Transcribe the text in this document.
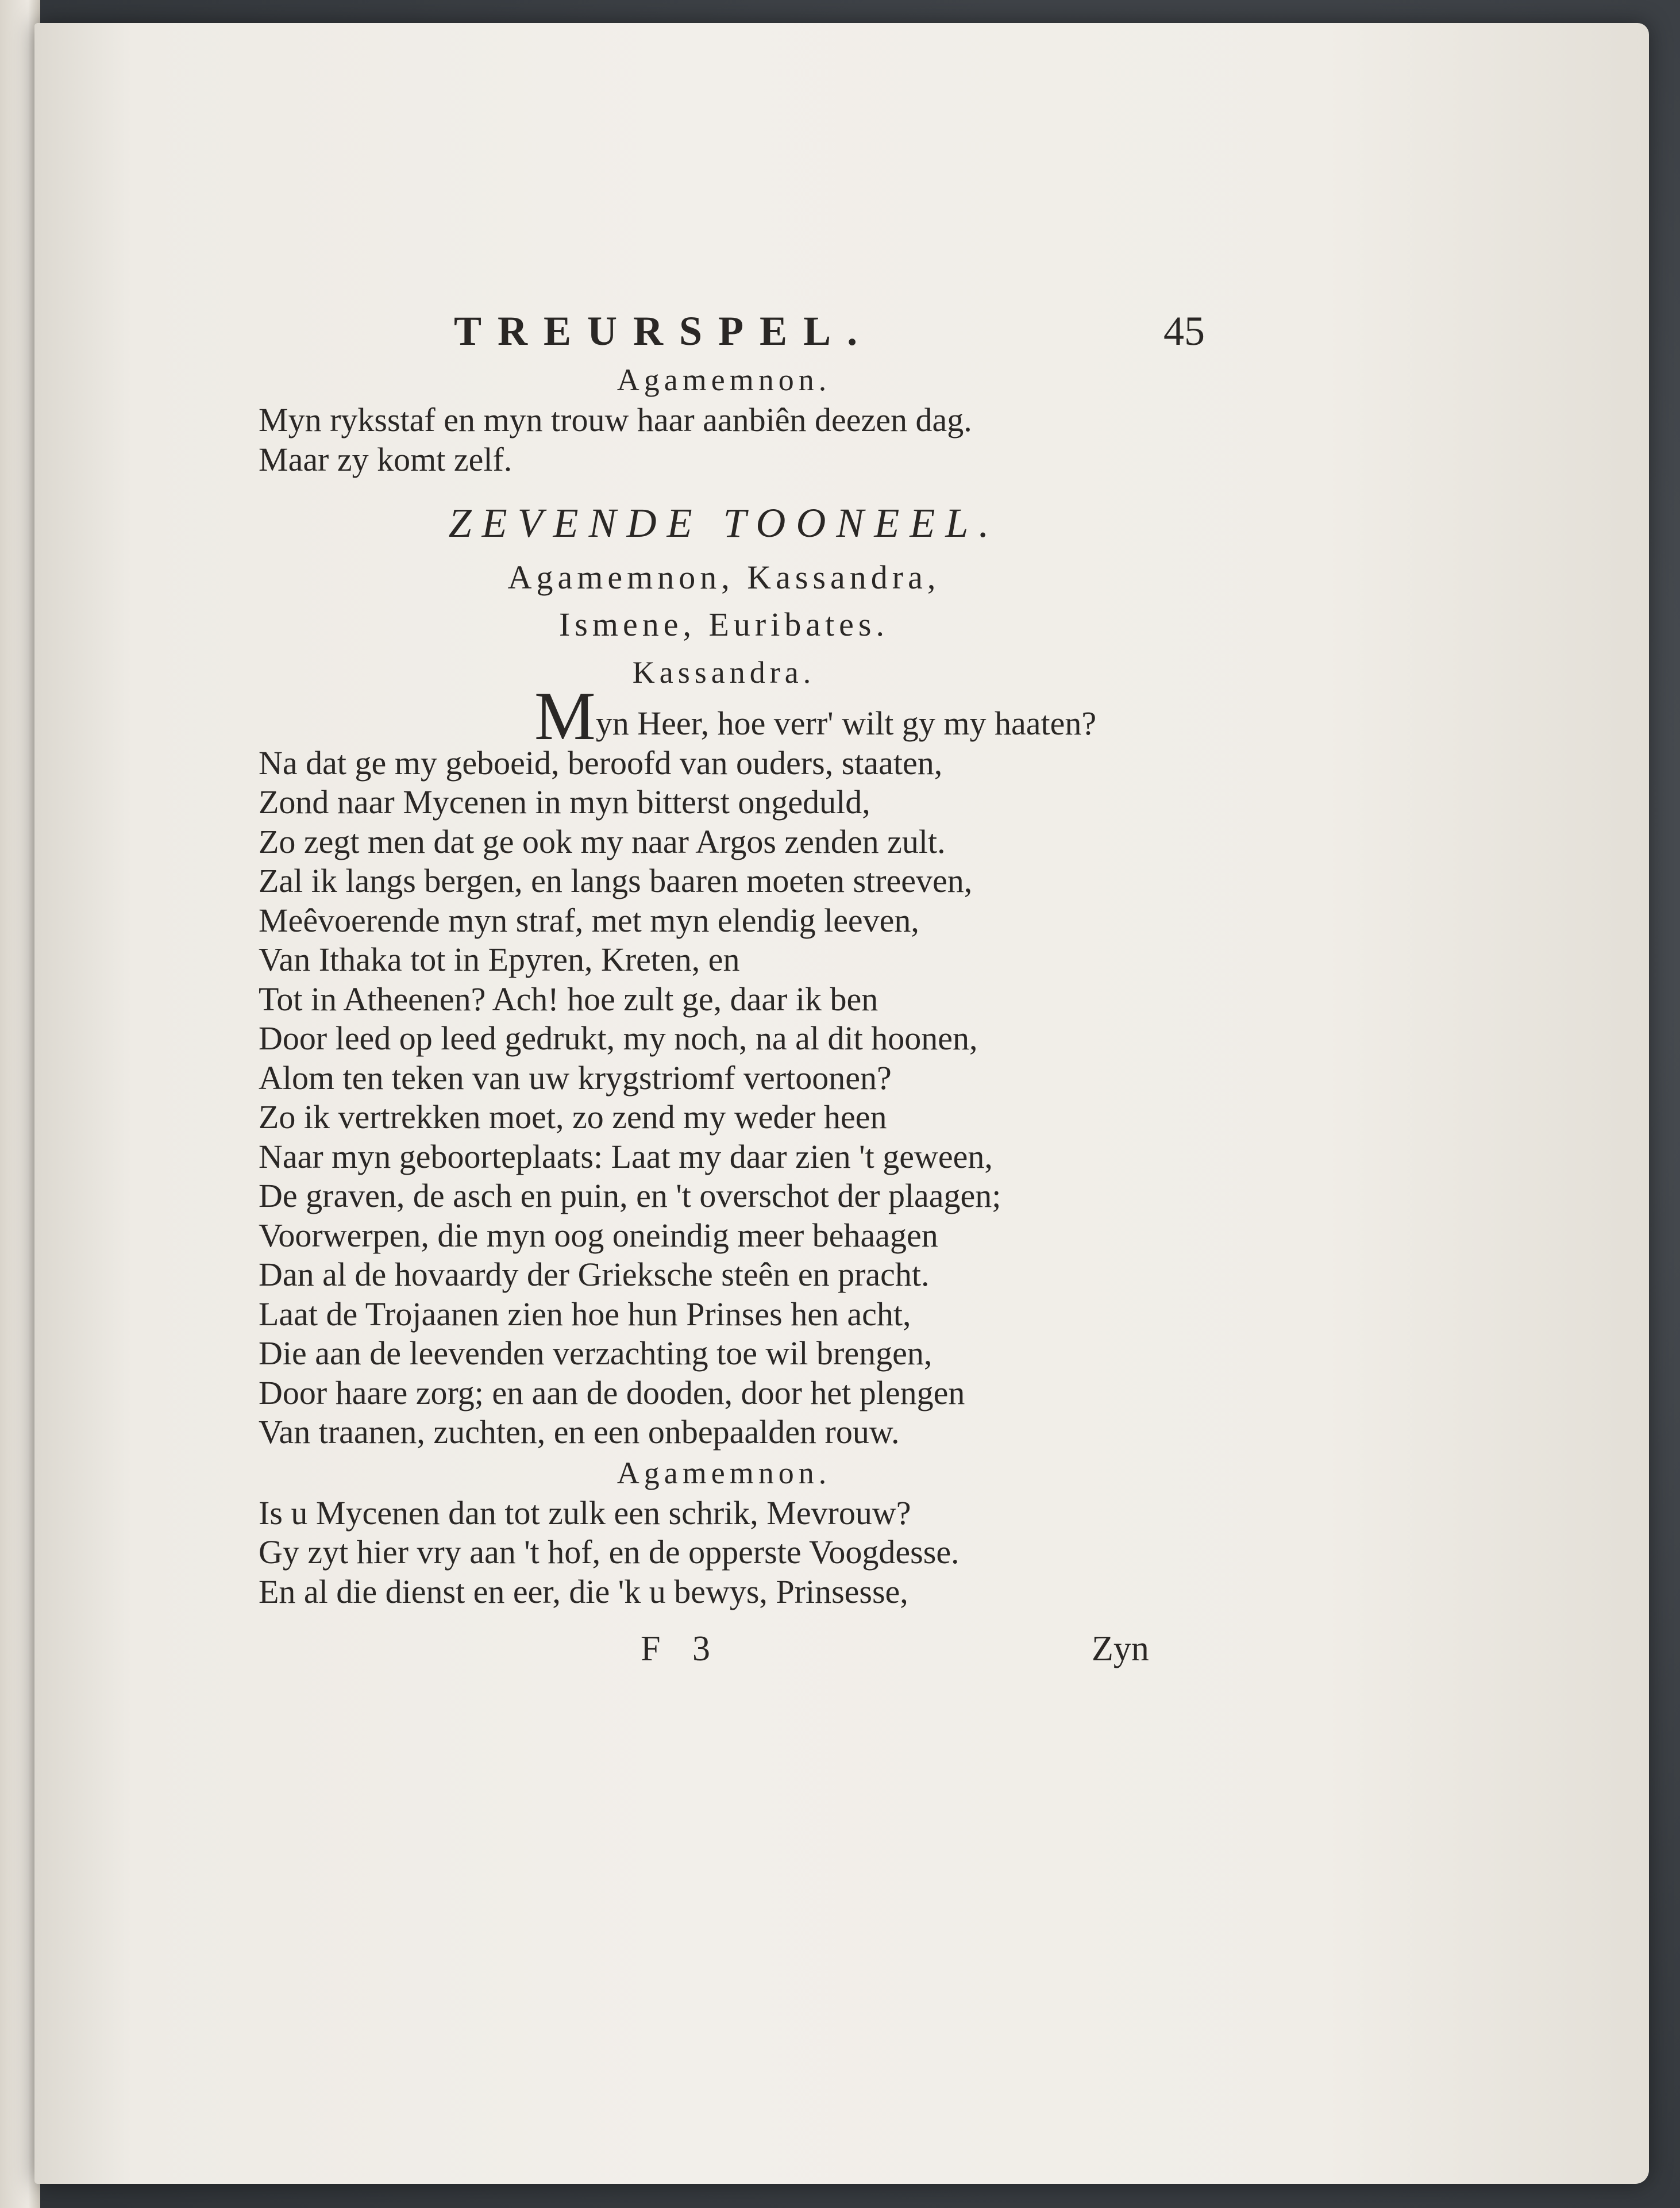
TREURSPEL.	45

Agamemnon.

Myn ryksstaf en myn trouw haar aanbiên deezen dag.

Maar zy komt zelf.

ZEVENDE TOONEEL.

Agamemnon, Kassandra,

Ismene, Euribates.

Kassandra.

Myn Heer, hoe verr' wilt gy my haaten?

Na dat ge my geboeid, beroofd van ouders, staaten,

Zond naar Mycenen in myn bitterst ongeduld,

Zo zegt men dat ge ook my naar Argos zenden zult.

Zal ik langs bergen, en langs baaren moeten streeven,

Meêvoerende myn straf, met myn elendig leeven,

Van Ithaka tot in Epyren, Kreten, en

Tot in Atheenen? Ach! hoe zult ge, daar ik ben

Door leed op leed gedrukt, my noch, na al dit hoonen,

Alom ten teken van uw krygstriomf vertoonen?

Zo ik vertrekken moet, zo zend my weder heen

Naar myn geboorteplaats: Laat my daar zien 't geween,

De graven, de asch en puin, en 't overschot der plaagen;

Voorwerpen, die myn oog oneindig meer behaagen

Dan al de hovaardy der Grieksche steên en pracht.

Laat de Trojaanen zien hoe hun Prinses hen acht,

Die aan de leevenden verzachting toe wil brengen,

Door haare zorg; en aan de dooden, door het plengen

Van traanen, zuchten, en een onbepaalden rouw.

Agamemnon.

Is u Mycenen dan tot zulk een schrik, Mevrouw?

Gy zyt hier vry aan 't hof, en de opperste Voogdesse.

En al die dienst en eer, die 'k u bewys, Prinsesse,

F 3	Zyn
